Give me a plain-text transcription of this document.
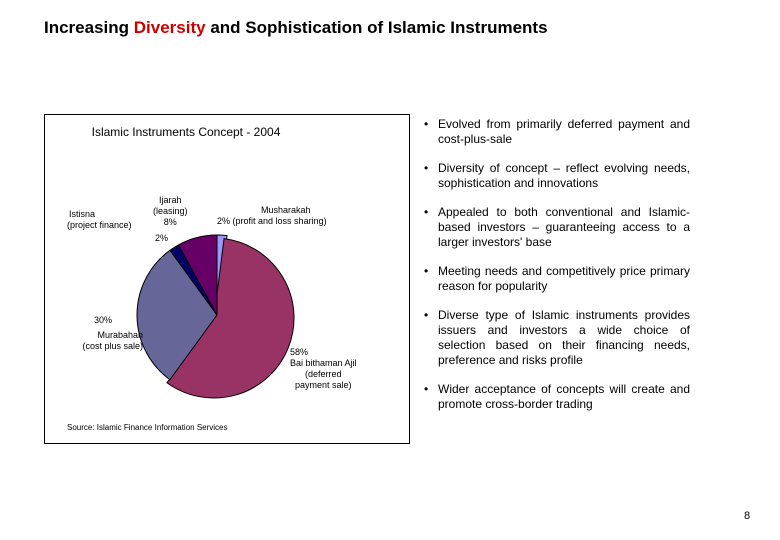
Increasing Diversity and Sophistication of Islamic Instruments
Islamic Instruments Concept - 2004
Istisna
(project finance)
2%
Ijarah
(leasing)
8%
Musharakah
2% (profit and loss sharing)
30%
Murabahah
(cost plus sale)
58%
Bai bithaman Ajil
(deferred
payment sale)
Source: Islamic Finance Information Services
• Evolved from primarily deferred payment and cost-plus-sale
• Diversity of concept – reflect evolving needs, sophistication and innovations
• Appealed to both conventional and Islamic-based investors – guaranteeing access to a larger investors' base
• Meeting needs and competitively price primary reason for popularity
• Diverse type of Islamic instruments provides issuers and investors a wide choice of selection based on their financing needs, preference and risks profile
• Wider acceptance of concepts will create and promote cross-border trading
8
